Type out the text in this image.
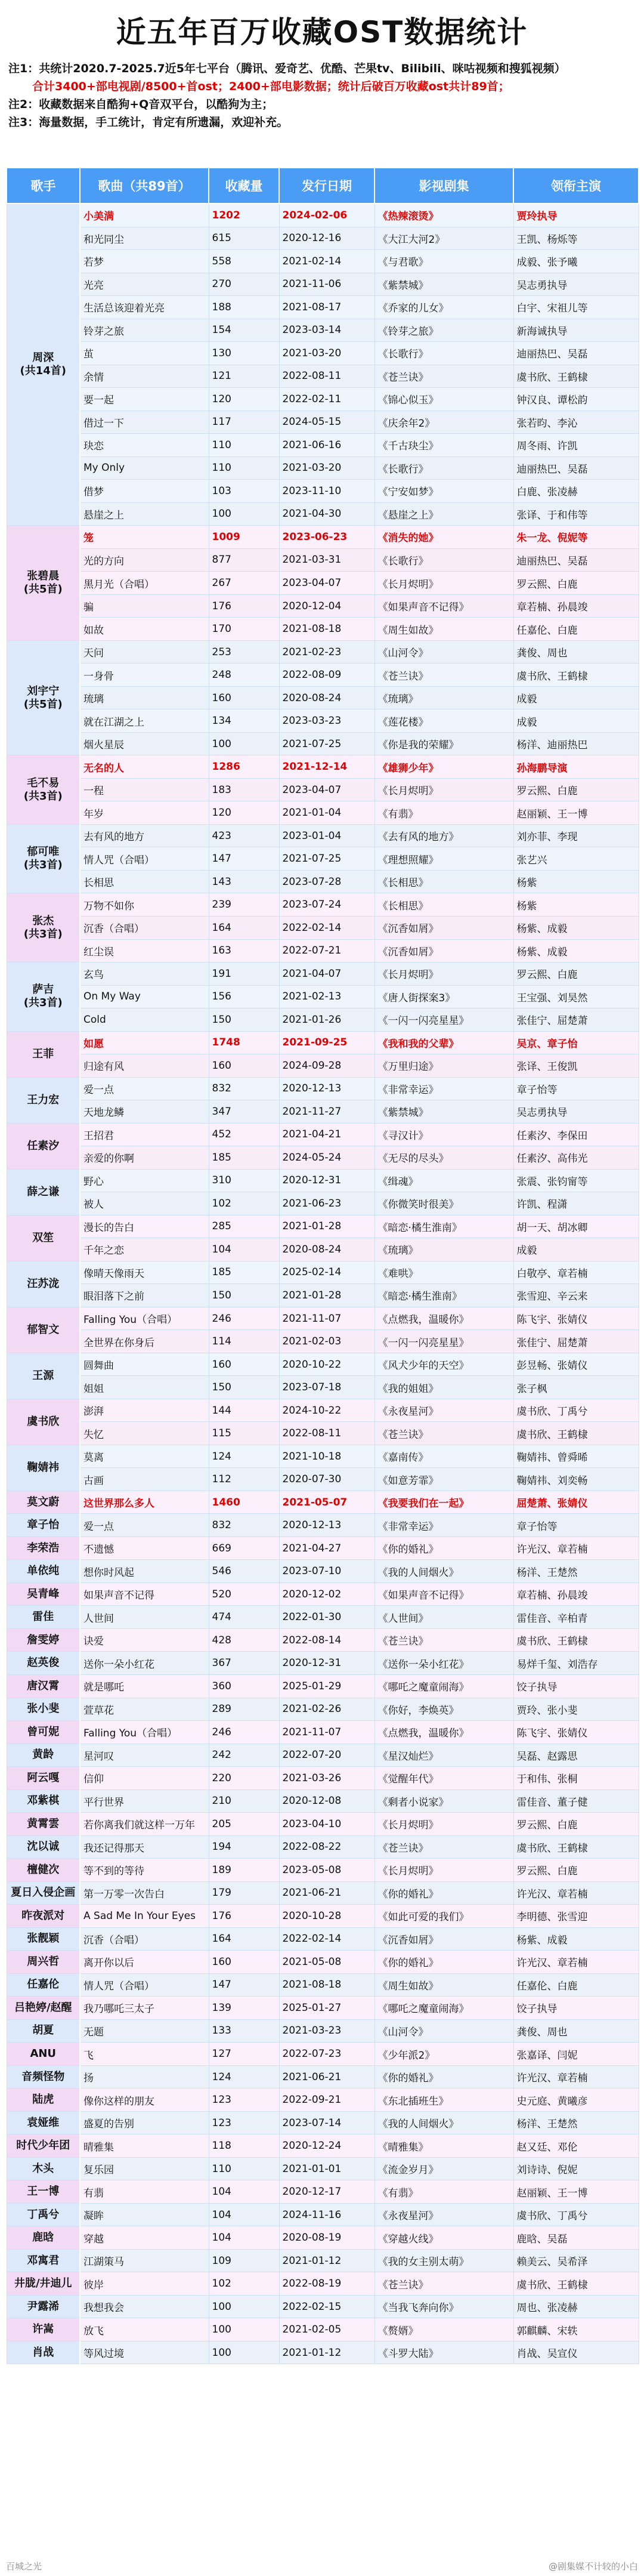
近五年百万收藏OST数据统计
注1：共统计2020.7-2025.7近5年七平台（腾讯、爱奇艺、优酷、芒果tv、Bilibili、咪咕视频和搜狐视频）
合计3400+部电视剧/8500+首ost；2400+部电影数据；统计后破百万收藏ost共计89首；
注2：收藏数据来自酷狗+Q音双平台，以酷狗为主；
注3：海量数据，手工统计，肯定有所遗漏，欢迎补充。
歌手	歌曲（共89首）	收藏量	发行日期	影视剧集	领衔主演
周深
(共14首)	小美满	1202	2024-02-06	《热辣滚烫》	贾玲执导
	和光同尘	615	2020-12-16	《大江大河2》	王凯、杨烁等
	若梦	558	2021-02-14	《与君歌》	成毅、张予曦
	光亮	270	2021-11-06	《紫禁城》	吴志勇执导
	生活总该迎着光亮	188	2021-08-17	《乔家的儿女》	白宇、宋祖儿等
	铃芽之旅	154	2023-03-14	《铃芽之旅》	新海诚执导
	茧	130	2021-03-20	《长歌行》	迪丽热巴、吴磊
	余情	121	2022-08-11	《苍兰诀》	虞书欣、王鹤棣
	要一起	120	2022-02-11	《锦心似玉》	钟汉良、谭松韵
	借过一下	117	2024-05-15	《庆余年2》	张若昀、李沁
	玦恋	110	2021-06-16	《千古玦尘》	周冬雨、许凯
	My Only	110	2021-03-20	《长歌行》	迪丽热巴、吴磊
	借梦	103	2023-11-10	《宁安如梦》	白鹿、张凌赫
	悬崖之上	100	2021-04-30	《悬崖之上》	张译、于和伟等
张碧晨
(共5首)	笼	1009	2023-06-23	《消失的她》	朱一龙、倪妮等
	光的方向	877	2021-03-31	《长歌行》	迪丽热巴、吴磊
	黑月光（合唱）	267	2023-04-07	《长月烬明》	罗云熙、白鹿
	骗	176	2020-12-04	《如果声音不记得》	章若楠、孙晨竣
	如故	170	2021-08-18	《周生如故》	任嘉伦、白鹿
刘宇宁
(共5首)	天问	253	2021-02-23	《山河令》	龚俊、周也
	一身骨	248	2022-08-09	《苍兰诀》	虞书欣、王鹤棣
	琉璃	160	2020-08-24	《琉璃》	成毅
	就在江湖之上	134	2023-03-23	《莲花楼》	成毅
	烟火星辰	100	2021-07-25	《你是我的荣耀》	杨洋、迪丽热巴
毛不易
(共3首)	无名的人	1286	2021-12-14	《雄狮少年》	孙海鹏导演
	一程	183	2023-04-07	《长月烬明》	罗云熙、白鹿
	年岁	120	2021-01-04	《有翡》	赵丽颖、王一博
郁可唯
(共3首)	去有风的地方	423	2023-01-04	《去有风的地方》	刘亦菲、李现
	情人咒（合唱）	147	2021-07-25	《理想照耀》	张艺兴
	长相思	143	2023-07-28	《长相思》	杨紫
张杰
(共3首)	万物不如你	239	2023-07-24	《长相思》	杨紫
	沉香（合唱）	164	2022-02-14	《沉香如屑》	杨紫、成毅
	红尘误	163	2022-07-21	《沉香如屑》	杨紫、成毅
萨吉
(共3首)	玄鸟	191	2021-04-07	《长月烬明》	罗云熙、白鹿
	On My Way	156	2021-02-13	《唐人街探案3》	王宝强、刘昊然
	Cold	150	2021-01-26	《一闪一闪亮星星》	张佳宁、屈楚萧
王菲	如愿	1748	2021-09-25	《我和我的父辈》	吴京、章子怡
	归途有风	160	2024-09-28	《万里归途》	张译、王俊凯
王力宏	爱一点	832	2020-12-13	《非常幸运》	章子怡等
	天地龙鳞	347	2021-11-27	《紫禁城》	吴志勇执导
任素汐	王招君	452	2021-04-21	《寻汉计》	任素汐、李保田
	亲爱的你啊	185	2024-05-24	《无尽的尽头》	任素汐、高伟光
薛之谦	野心	310	2020-12-31	《缉魂》	张震、张钧甯等
	被人	102	2021-06-23	《你微笑时很美》	许凯、程潇
双笙	漫长的告白	285	2021-01-28	《暗恋·橘生淮南》	胡一天、胡冰卿
	千年之恋	104	2020-08-24	《琉璃》	成毅
汪苏泷	像晴天像雨天	185	2025-02-14	《难哄》	白敬亭、章若楠
	眼泪落下之前	150	2021-01-28	《暗恋·橘生淮南》	张雪迎、辛云来
郁智文	Falling You（合唱）	246	2021-11-07	《点燃我，温暖你》	陈飞宇、张婧仪
	全世界在你身后	114	2021-02-03	《一闪一闪亮星星》	张佳宁、屈楚萧
王源	圆舞曲	160	2020-10-22	《风犬少年的天空》	彭昱畅、张婧仪
	姐姐	150	2023-07-18	《我的姐姐》	张子枫
虞书欣	澎湃	144	2024-10-22	《永夜星河》	虞书欣、丁禹兮
	失忆	115	2022-08-11	《苍兰诀》	虞书欣、王鹤棣
鞠婧祎	莫离	124	2021-10-18	《嘉南传》	鞠婧祎、曾舜晞
	古画	112	2020-07-30	《如意芳霏》	鞠婧祎、刘奕畅
莫文蔚	这世界那么多人	1460	2021-05-07	《我要我们在一起》	屈楚萧、张婧仪
章子怡	爱一点	832	2020-12-13	《非常幸运》	章子怡等
李荣浩	不遗憾	669	2021-04-27	《你的婚礼》	许光汉、章若楠
单依纯	想你时风起	546	2023-07-10	《我的人间烟火》	杨洋、王楚然
吴青峰	如果声音不记得	520	2020-12-02	《如果声音不记得》	章若楠、孙晨竣
雷佳	人世间	474	2022-01-30	《人世间》	雷佳音、辛柏青
詹雯婷	诀爱	428	2022-08-14	《苍兰诀》	虞书欣、王鹤棣
赵英俊	送你一朵小红花	367	2020-12-31	《送你一朵小红花》	易烊千玺、刘浩存
唐汉霄	就是哪吒	360	2025-01-29	《哪吒之魔童闹海》	饺子执导
张小斐	萱草花	289	2021-02-26	《你好，李焕英》	贾玲、张小斐
曾可妮	Falling You（合唱）	246	2021-11-07	《点燃我，温暖你》	陈飞宇、张婧仪
黄龄	星河叹	242	2022-07-20	《星汉灿烂》	吴磊、赵露思
阿云嘎	信仰	220	2021-03-26	《觉醒年代》	于和伟、张桐
邓紫棋	平行世界	210	2020-12-08	《剩者小说家》	雷佳音、董子健
黄霄雲	若你离我们就这样一万年	205	2023-04-10	《长月烬明》	罗云熙、白鹿
沈以诚	我还记得那天	194	2022-08-22	《苍兰诀》	虞书欣、王鹤棣
檀健次	等不到的等待	189	2023-05-08	《长月烬明》	罗云熙、白鹿
夏日入侵企画	第一万零一次告白	179	2021-06-21	《你的婚礼》	许光汉、章若楠
昨夜派对	A Sad Me In Your Eyes	176	2020-10-28	《如此可爱的我们》	李明德、张雪迎
张靓颖	沉香（合唱）	164	2022-02-14	《沉香如屑》	杨紫、成毅
周兴哲	离开你以后	160	2021-05-08	《你的婚礼》	许光汉、章若楠
任嘉伦	情人咒（合唱）	147	2021-08-18	《周生如故》	任嘉伦、白鹿
吕艳婷/赵醒	我乃哪吒三太子	139	2025-01-27	《哪吒之魔童闹海》	饺子执导
胡夏	无题	133	2021-03-23	《山河令》	龚俊、周也
ANU	飞	127	2022-07-23	《少年派2》	张嘉译、闫妮
音频怪物	扬	124	2021-06-21	《你的婚礼》	许光汉、章若楠
陆虎	像你这样的朋友	123	2022-09-21	《东北插班生》	史元庭、黄曦彦
袁娅维	盛夏的告别	123	2023-07-14	《我的人间烟火》	杨洋、王楚然
时代少年团	晴雅集	118	2020-12-24	《晴雅集》	赵又廷、邓伦
木头	复乐园	110	2021-01-01	《流金岁月》	刘诗诗、倪妮
王一博	有翡	104	2020-12-17	《有翡》	赵丽颖、王一博
丁禹兮	凝眸	104	2024-11-16	《永夜星河》	虞书欣、丁禹兮
鹿晗	穿越	104	2020-08-19	《穿越火线》	鹿晗、吴磊
邓寓君	江湖策马	109	2021-01-12	《我的女主别太萌》	赖美云、吴希泽
井胧/井迪儿	彼岸	102	2022-08-19	《苍兰诀》	虞书欣、王鹤棣
尹露浠	我想我会	100	2022-02-15	《当我飞奔向你》	周也、张凌赫
许嵩	放飞	100	2021-02-05	《赘婿》	郭麒麟、宋轶
肖战	等风过境	100	2021-01-12	《斗罗大陆》	肖战、吴宣仪
百城之光	@剧集媒不计较的小白
